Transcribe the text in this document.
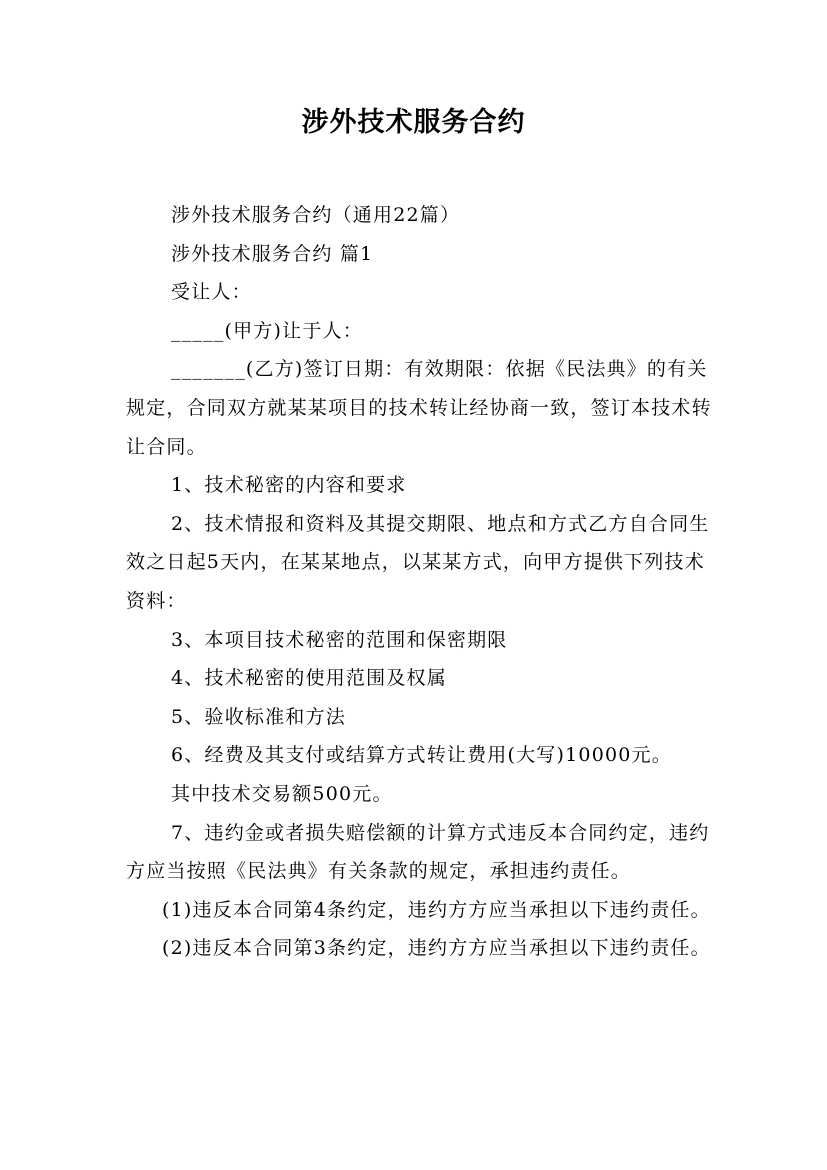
涉外技术服务合约

涉外技术服务合约（通用22篇）

涉外技术服务合约 篇1

受让人：

_____(甲方)让于人：

_______(乙方)签订日期：有效期限：依据《民法典》的有关规定，合同双方就某某项目的技术转让经协商一致，签订本技术转让合同。

1、技术秘密的内容和要求

2、技术情报和资料及其提交期限、地点和方式乙方自合同生效之日起5天内，在某某地点，以某某方式，向甲方提供下列技术资料：

3、本项目技术秘密的范围和保密期限

4、技术秘密的使用范围及权属

5、验收标准和方法

6、经费及其支付或结算方式转让费用(大写)10000元。

其中技术交易额500元。

7、违约金或者损失赔偿额的计算方式违反本合同约定，违约方应当按照《民法典》有关条款的规定，承担违约责任。

(1)违反本合同第4条约定，违约方方应当承担以下违约责任。

(2)违反本合同第3条约定，违约方方应当承担以下违约责任。
